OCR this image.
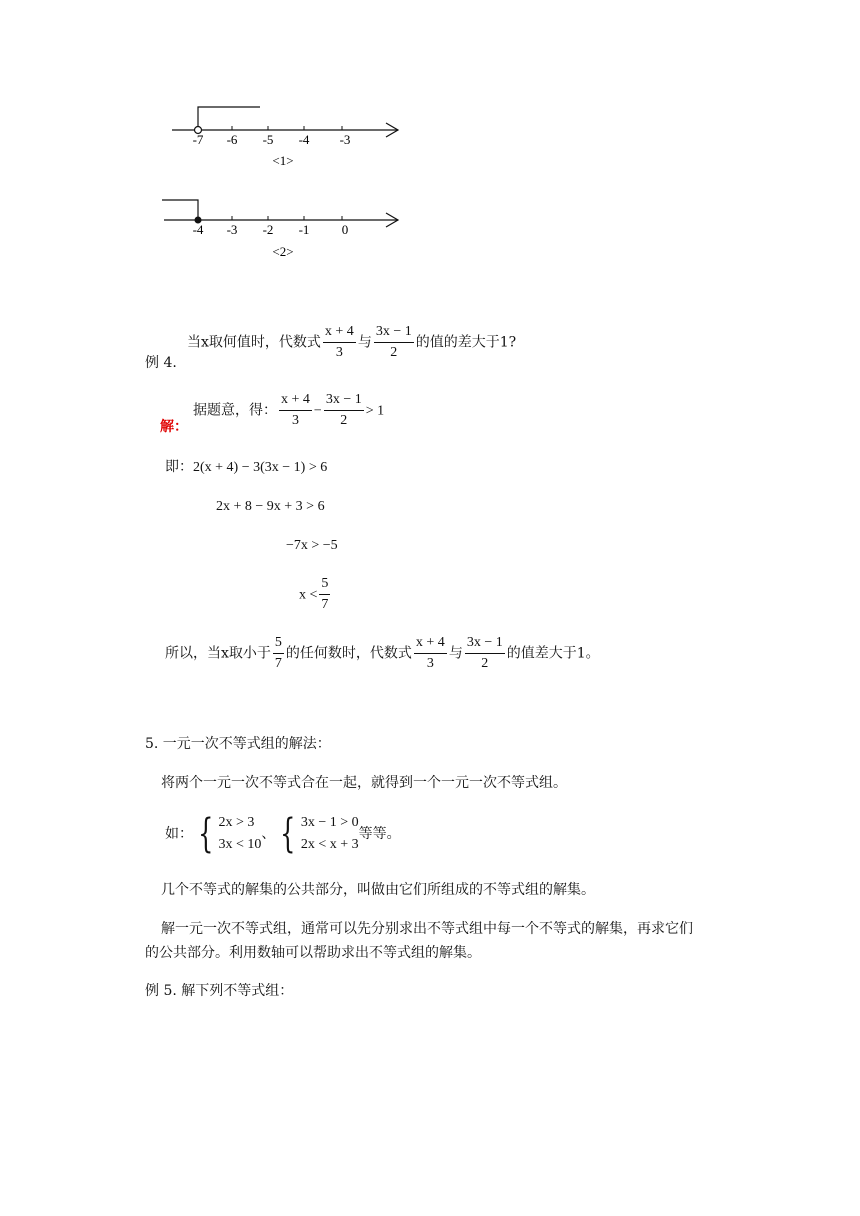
-7 -6 -5 -4 -3
<1>
-4 -3 -2 -1 0
<2>
当x取何值时，代数式 $\frac{x + 4}{3}$ 与 $\frac{3x - 1}{2}$ 的值的差大于1?
例 4.
据题意，得： $\frac{x + 4}{3} - \frac{3x - 1}{2} > 1$
解：
即：2(x + 4) − 3(3x − 1) > 6
2x + 8 − 9x + 3 > 6
−7x > −5
$x < \frac{5}{7}$
所以，当x取小于 $\frac{5}{7}$ 的任何数时，代数式 $\frac{x + 4}{3}$ 与 $\frac{3x - 1}{2}$ 的值差大于1。
5. 一元一次不等式组的解法：
将两个一元一次不等式合在一起，就得到一个一元一次不等式组。
如： { 2x > 3
3x < 10
、 { 3x − 1 > 0
2x < x + 3
等等。
几个不等式的解集的公共部分，叫做由它们所组成的不等式组的解集。
解一元一次不等式组，通常可以先分别求出不等式组中每一个不等式的解集，再求它们
的公共部分。利用数轴可以帮助求出不等式组的解集。
例 5. 解下列不等式组：
